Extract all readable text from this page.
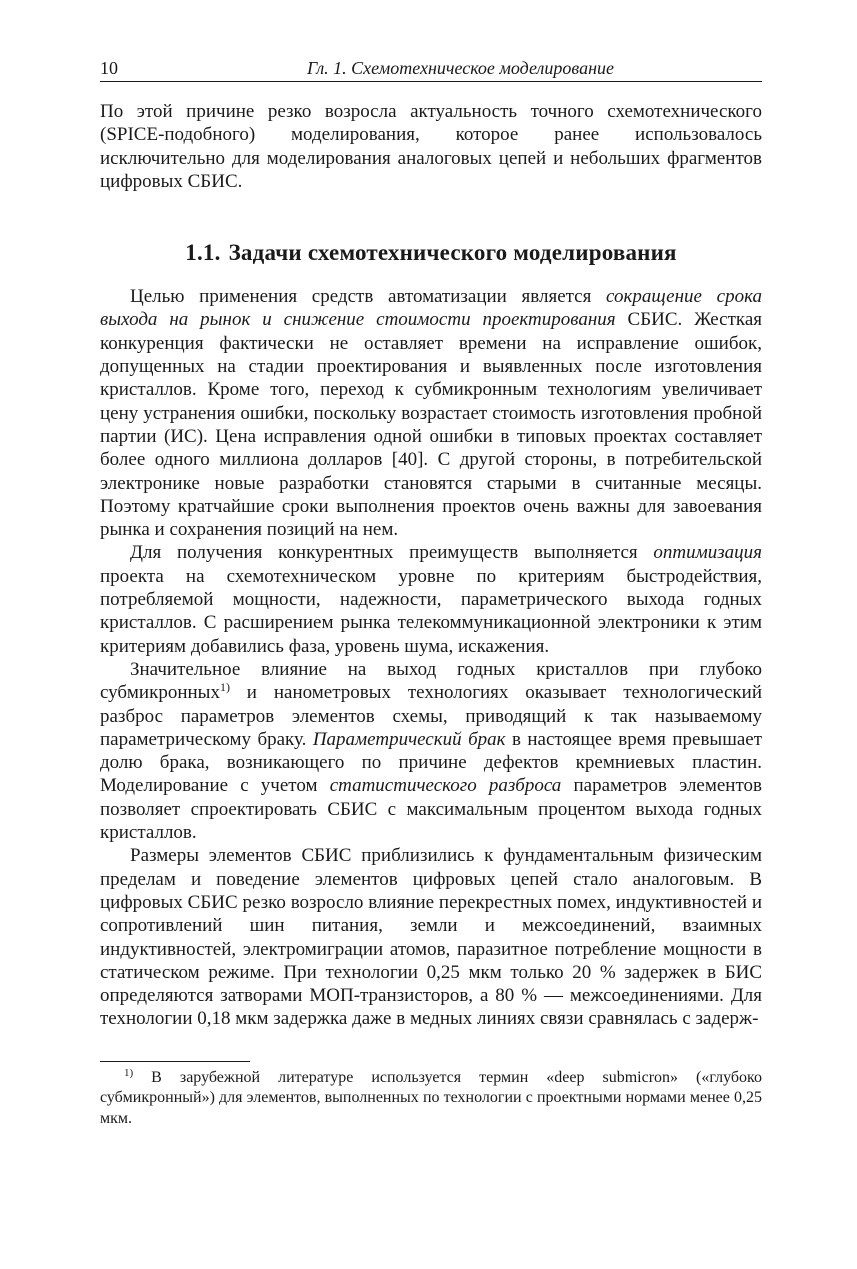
10	Гл. 1. Схемотехническое моделирование

По этой причине резко возросла актуальность точного схемотехнического (SPICE-подобного) моделирования, которое ранее использовалось исключительно для моделирования аналоговых цепей и небольших фрагментов цифровых СБИС.

1.1. Задачи схемотехнического моделирования

Целью применения средств автоматизации является сокращение срока выхода на рынок и снижение стоимости проектирования СБИС. Жесткая конкуренция фактически не оставляет времени на исправление ошибок, допущенных на стадии проектирования и выявленных после изготовления кристаллов. Кроме того, переход к субмикронным технологиям увеличивает цену устранения ошибки, поскольку возрастает стоимость изготовления пробной партии (ИС). Цена исправления одной ошибки в типовых проектах составляет более одного миллиона долларов [40]. С другой стороны, в потребительской электронике новые разработки становятся старыми в считанные месяцы. Поэтому кратчайшие сроки выполнения проектов очень важны для завоевания рынка и сохранения позиций на нем.

Для получения конкурентных преимуществ выполняется оптимизация проекта на схемотехническом уровне по критериям быстродействия, потребляемой мощности, надежности, параметрического выхода годных кристаллов. С расширением рынка телекоммуникационной электроники к этим критериям добавились фаза, уровень шума, искажения.

Значительное влияние на выход годных кристаллов при глубоко субмикронных$^{1)}$ и нанометровых технологиях оказывает технологический разброс параметров элементов схемы, приводящий к так называемому параметрическому браку. Параметрический брак в настоящее время превышает долю брака, возникающего по причине дефектов кремниевых пластин. Моделирование с учетом статистического разброса параметров элементов позволяет спроектировать СБИС с максимальным процентом выхода годных кристаллов.

Размеры элементов СБИС приблизились к фундаментальным физическим пределам и поведение элементов цифровых цепей стало аналоговым. В цифровых СБИС резко возросло влияние перекрестных помех, индуктивностей и сопротивлений шин питания, земли и межсоединений, взаимных индуктивностей, электромиграции атомов, паразитное потребление мощности в статическом режиме. При технологии 0,25 мкм только 20 % задержек в БИС определяются затворами МОП-транзисторов, а 80 % — межсоединениями. Для технологии 0,18 мкм задержка даже в медных линиях связи сравнялась с задерж-

$^{1)}$ В зарубежной литературе используется термин «deep submicron» («глубоко субмикронный») для элементов, выполненных по технологии с проектными нормами менее 0,25 мкм.
